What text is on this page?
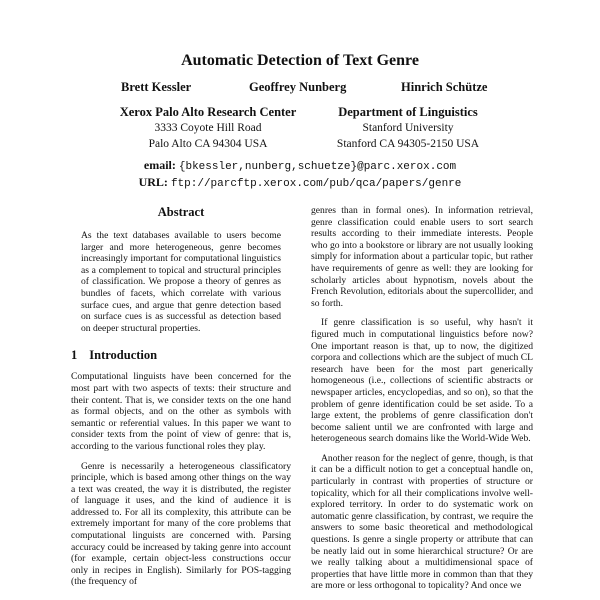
Automatic Detection of Text Genre
Brett Kessler	Geoffrey Nunberg	Hinrich Schütze
Xerox Palo Alto Research Center
3333 Coyote Hill Road
Palo Alto CA 94304 USA
Department of Linguistics
Stanford University
Stanford CA 94305-2150 USA
email: {bkessler,nunberg,schuetze}@parc.xerox.com
URL: ftp://parcftp.xerox.com/pub/qca/papers/genre
Abstract
As the text databases available to users become larger and more heterogeneous, genre becomes increasingly important for computational linguistics as a complement to topical and structural principles of classification. We propose a theory of genres as bundles of facets, which correlate with various surface cues, and argue that genre detection based on surface cues is as successful as detection based on deeper structural properties.
1 Introduction

Computational linguists have been concerned for the most part with two aspects of texts: their structure and their content. That is, we consider texts on the one hand as formal objects, and on the other as symbols with semantic or referential values. In this paper we want to consider texts from the point of view of genre: that is, according to the various functional roles they play.

Genre is necessarily a heterogeneous classificatory principle, which is based among other things on the way a text was created, the way it is distributed, the register of language it uses, and the kind of audience it is addressed to. For all its complexity, this attribute can be extremely important for many of the core problems that computational linguists are concerned with. Parsing accuracy could be increased by taking genre into account (for example, certain object-less constructions occur only in recipes in English). Similarly for POS-tagging (the frequency of

genres than in formal ones). In information retrieval, genre classification could enable users to sort search results according to their immediate interests. People who go into a bookstore or library are not usually looking simply for information about a particular topic, but rather have requirements of genre as well: they are looking for scholarly articles about hypnotism, novels about the French Revolution, editorials about the supercollider, and so forth.

If genre classification is so useful, why hasn't it figured much in computational linguistics before now? One important reason is that, up to now, the digitized corpora and collections which are the subject of much CL research have been for the most part generically homogeneous (i.e., collections of scientific abstracts or newspaper articles, encyclopedias, and so on), so that the problem of genre identification could be set aside. To a large extent, the problems of genre classification don't become salient until we are confronted with large and heterogeneous search domains like the World-Wide Web.

Another reason for the neglect of genre, though, is that it can be a difficult notion to get a conceptual handle on, particularly in contrast with properties of structure or topicality, which for all their complications involve well-explored territory. In order to do systematic work on automatic genre classification, by contrast, we require the answers to some basic theoretical and methodological questions. Is genre a single property or attribute that can be neatly laid out in some hierarchical structure? Or are we really talking about a multidimensional space of properties that have little more in common than that they are more or less orthogonal to topicality? And once we
